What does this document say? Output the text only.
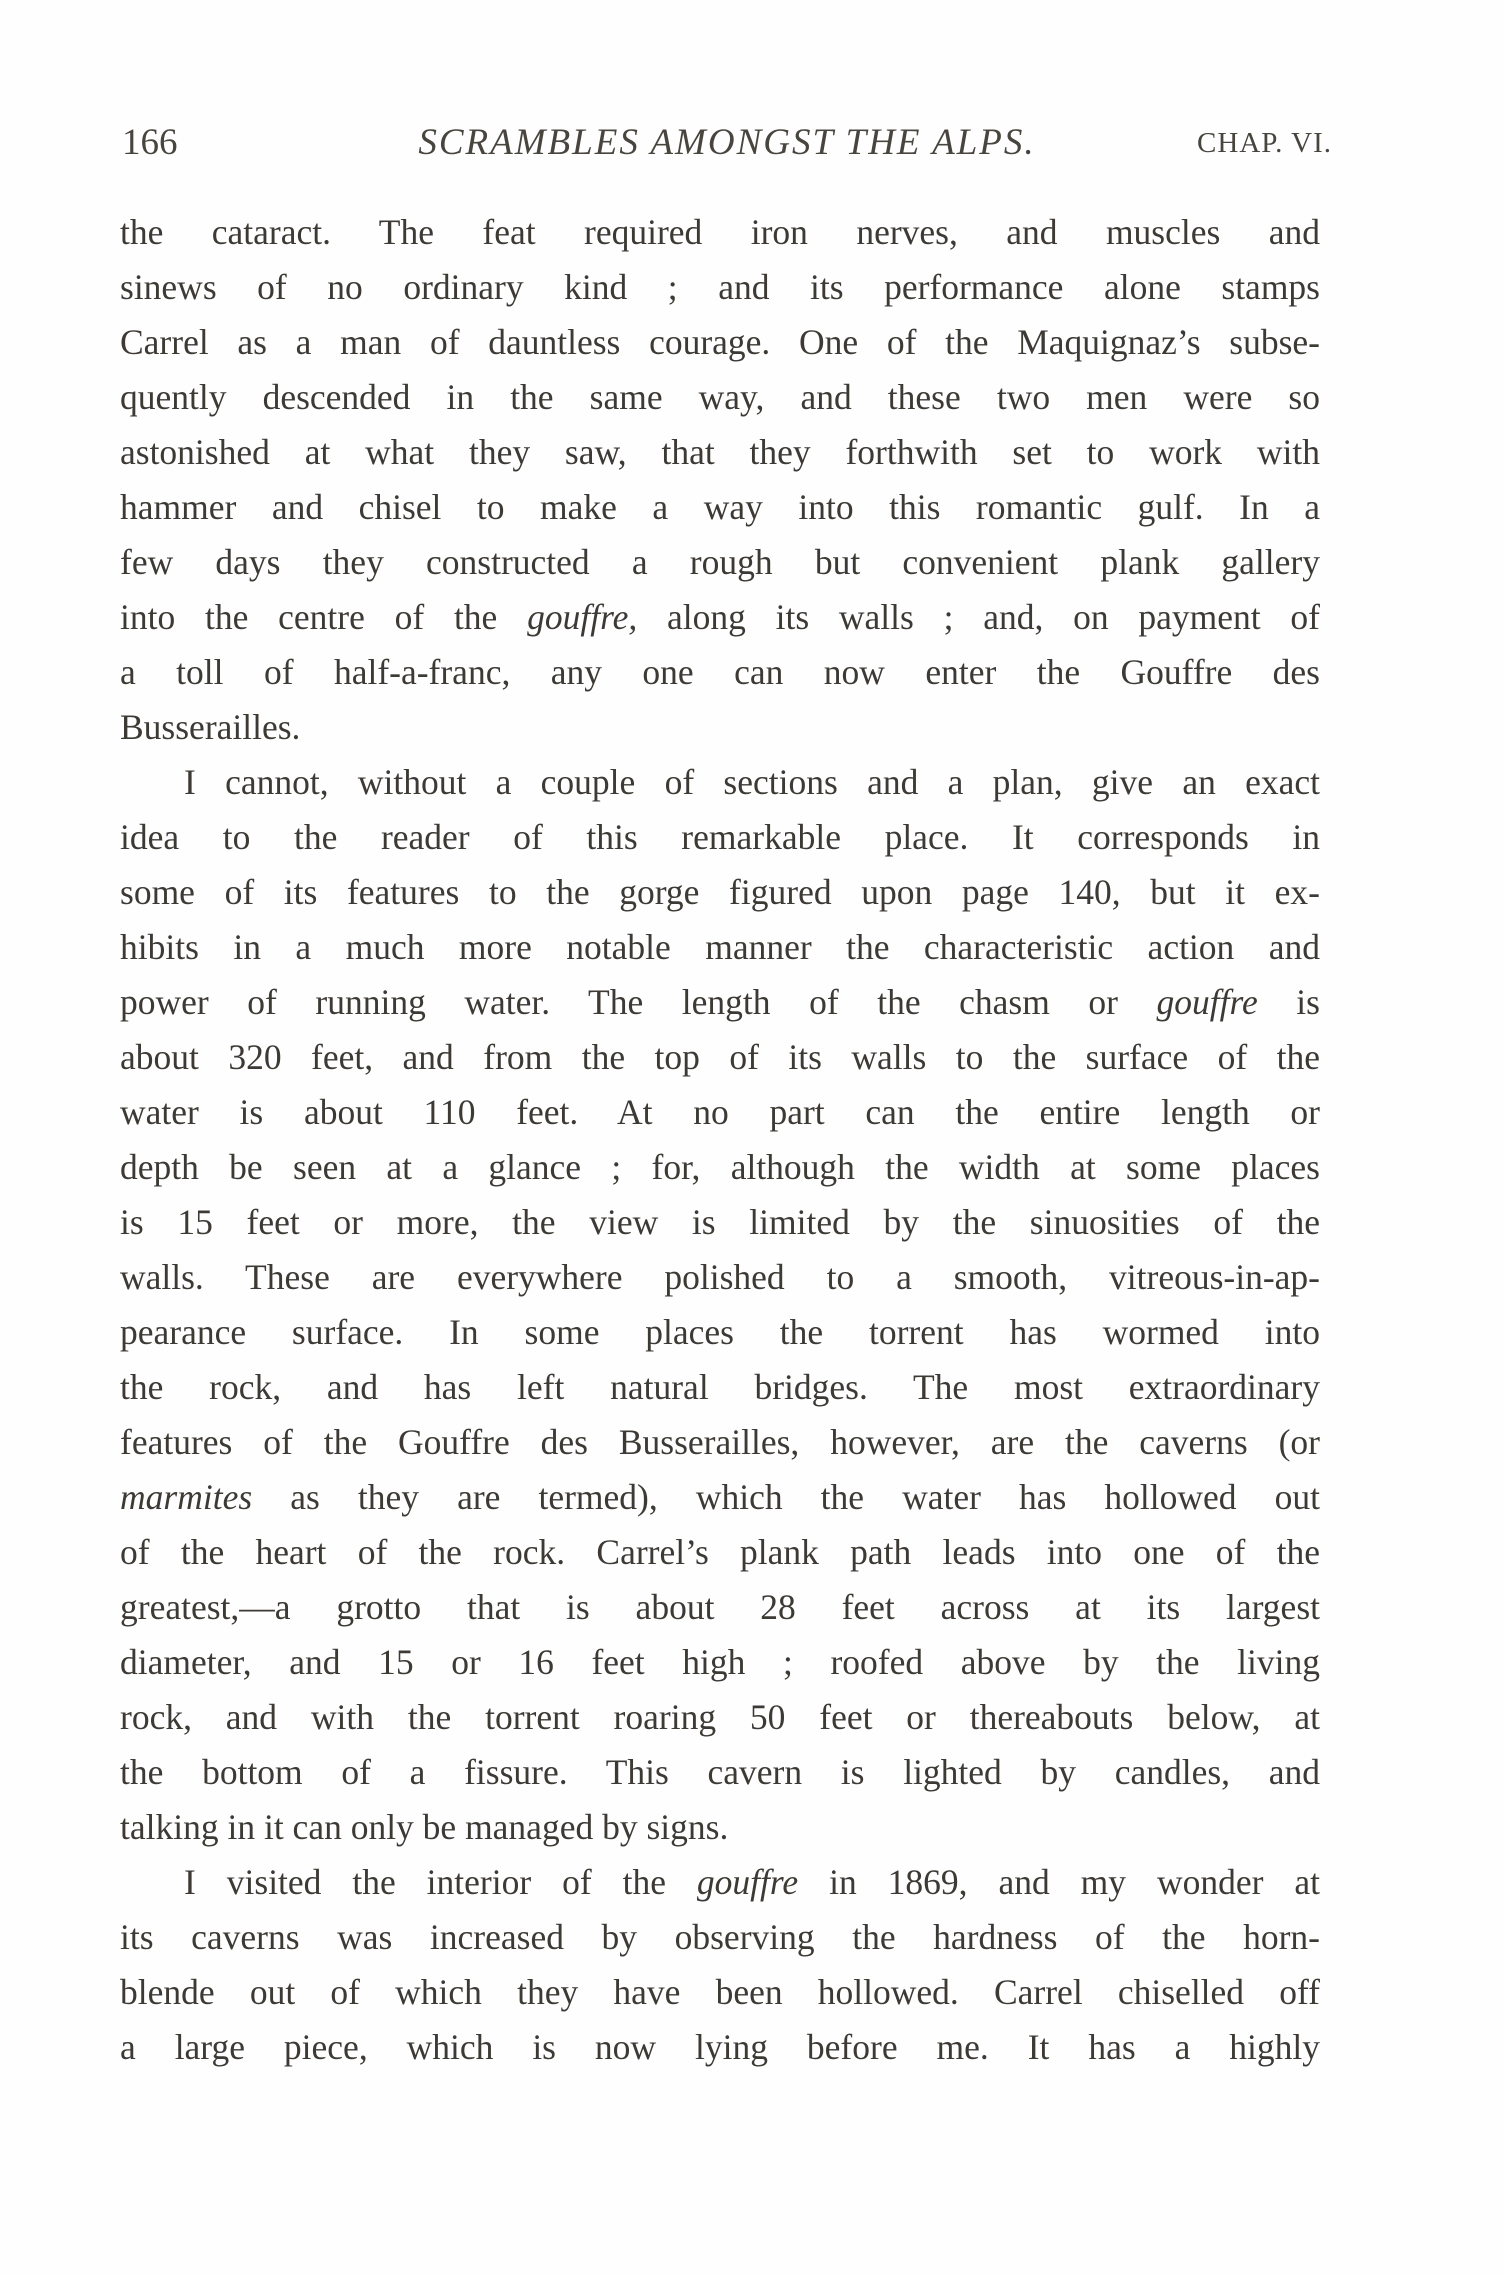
166	SCRAMBLES AMONGST THE ALPS.	CHAP. VI.
the cataract. The feat required iron nerves, and muscles and
sinews of no ordinary kind ; and its performance alone stamps
Carrel as a man of dauntless courage. One of the Maquignaz’s subse-
quently descended in the same way, and these two men were so
astonished at what they saw, that they forthwith set to work with
hammer and chisel to make a way into this romantic gulf. In a
few days they constructed a rough but convenient plank gallery
into the centre of the gouffre, along its walls ; and, on payment of
a toll of half-a-franc, any one can now enter the Gouffre des
Busserailles.
I cannot, without a couple of sections and a plan, give an exact
idea to the reader of this remarkable place. It corresponds in
some of its features to the gorge figured upon page 140, but it ex-
hibits in a much more notable manner the characteristic action and
power of running water. The length of the chasm or gouffre is
about 320 feet, and from the top of its walls to the surface of the
water is about 110 feet. At no part can the entire length or
depth be seen at a glance ; for, although the width at some places
is 15 feet or more, the view is limited by the sinuosities of the
walls. These are everywhere polished to a smooth, vitreous-in-ap-
pearance surface. In some places the torrent has wormed into
the rock, and has left natural bridges. The most extraordinary
features of the Gouffre des Busserailles, however, are the caverns (or
marmites as they are termed), which the water has hollowed out
of the heart of the rock. Carrel’s plank path leads into one of the
greatest,—a grotto that is about 28 feet across at its largest
diameter, and 15 or 16 feet high ; roofed above by the living
rock, and with the torrent roaring 50 feet or thereabouts below, at
the bottom of a fissure. This cavern is lighted by candles, and
talking in it can only be managed by signs.
I visited the interior of the gouffre in 1869, and my wonder at
its caverns was increased by observing the hardness of the horn-
blende out of which they have been hollowed. Carrel chiselled off
a large piece, which is now lying before me. It has a highly
